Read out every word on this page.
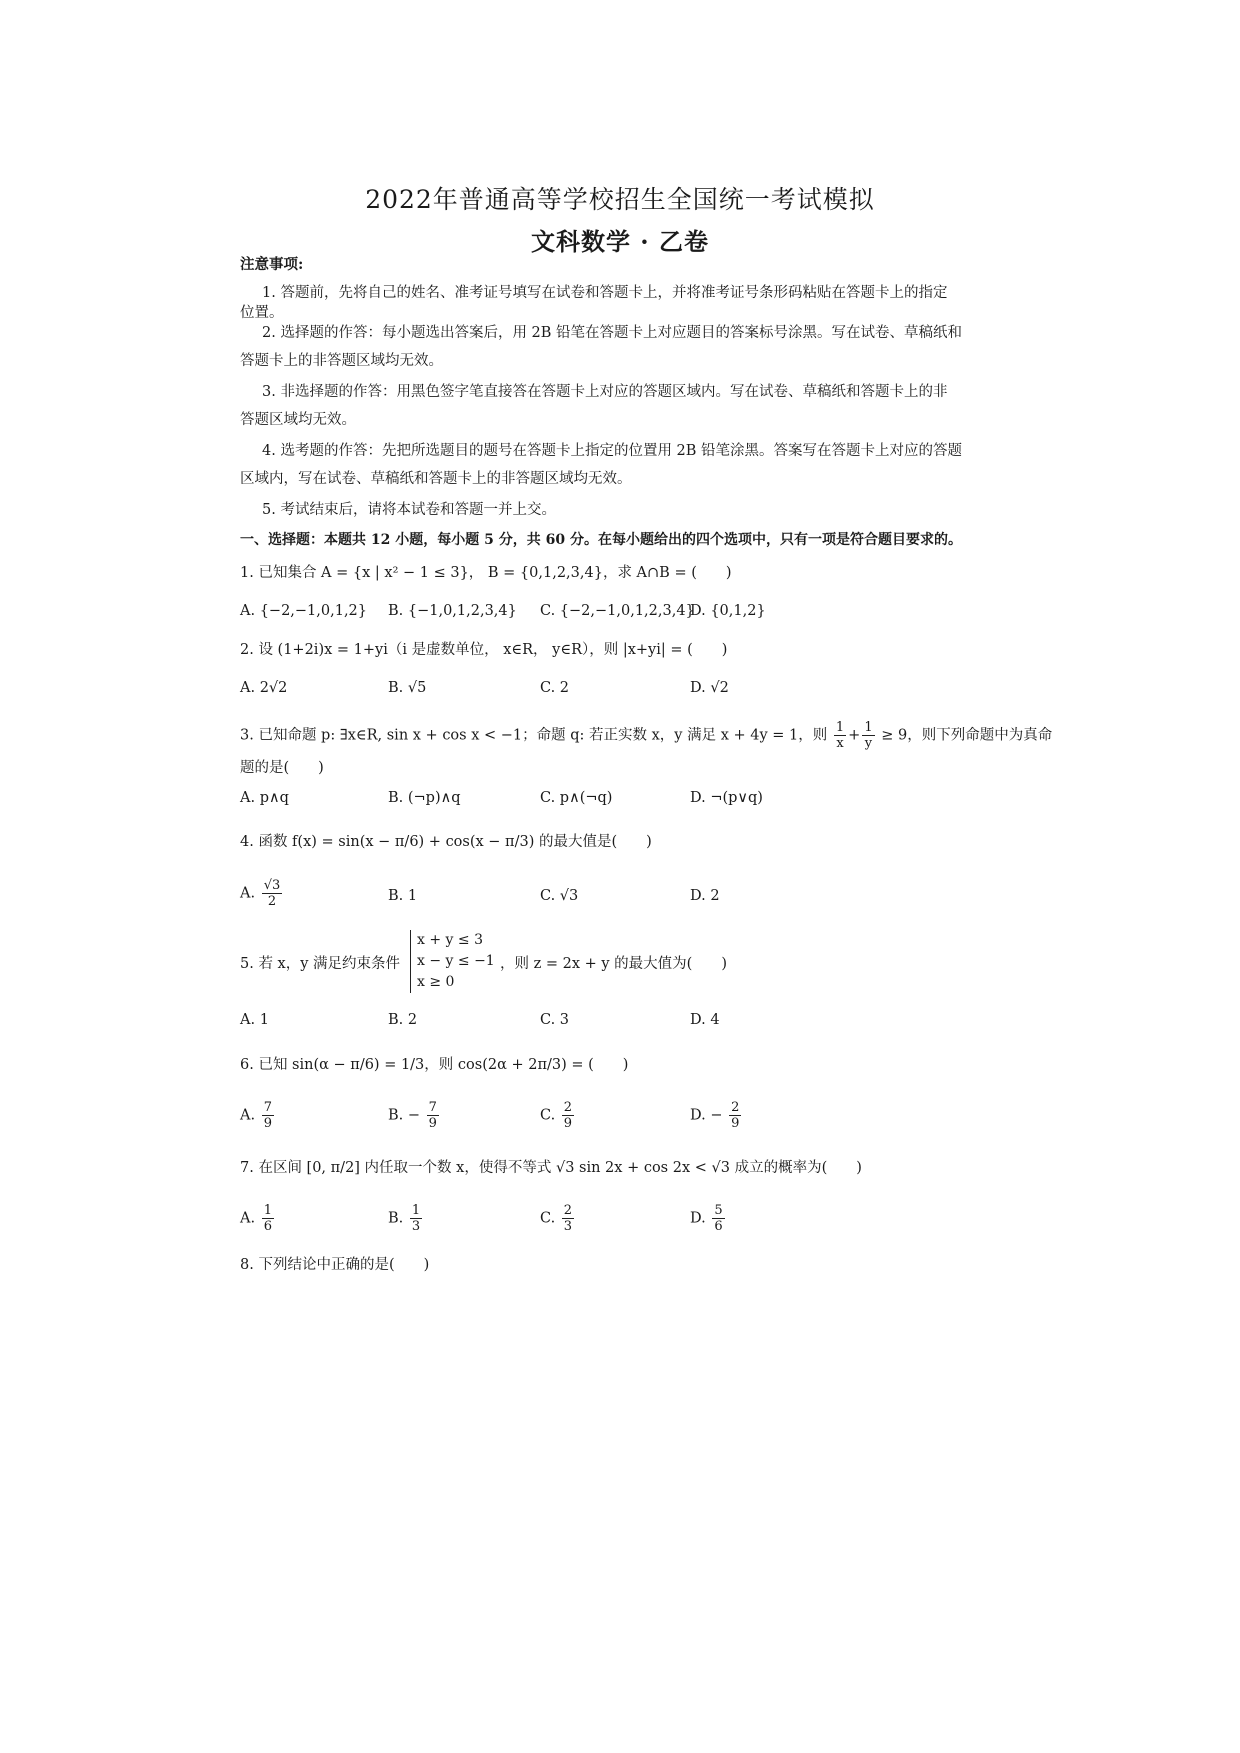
2022年普通高等学校招生全国统一考试模拟
文科数学 · 乙卷
注意事项:
1. 答题前，先将自己的姓名、准考证号填写在试卷和答题卡上，并将准考证号条形码粘贴在答题卡上的指定
位置。
2. 选择题的作答：每小题选出答案后，用 2B 铅笔在答题卡上对应题目的答案标号涂黑。写在试卷、草稿纸和
答题卡上的非答题区域均无效。
3. 非选择题的作答：用黑色签字笔直接答在答题卡上对应的答题区域内。写在试卷、草稿纸和答题卡上的非
答题区域均无效。
4. 选考题的作答：先把所选题目的题号在答题卡上指定的位置用 2B 铅笔涂黑。答案写在答题卡上对应的答题
区域内，写在试卷、草稿纸和答题卡上的非答题区域均无效。
5. 考试结束后，请将本试卷和答题一并上交。
一、选择题：本题共 12 小题，每小题 5 分，共 60 分。在每小题给出的四个选项中，只有一项是符合题目要求的。
1. 已知集合 A = {x | x² − 1 ≤ 3}， B = {0,1,2,3,4}，求 A∩B = (　　)
A. {−2,−1,0,1,2} B. {−1,0,1,2,3,4} C. {−2,−1,0,1,2,3,4}
D. {0,1,2}
2. 设 (1+2i)x = 1+yi（i 是虚数单位， x∈R， y∈R），则 |x+yi| = (　　)
A. 2√2	B. √5	C. 2	D. √2
3. 已知命题 p: ∃x∈R, sin x + cos x < −1；命题 q: 若正实数 x，y 满足 x + 4y = 1，则 $\frac{1}{x} + \frac{1}{y} \ge 9$，则下列命题中为真命
题的是(　　)
A. p∧q	B. (¬p)∧q	C. p∧(¬q)	D. ¬(p∨q)
4. 函数 f(x) = sin(x − π/6) + cos(x − π/3) 的最大值是(　　)
A. $\frac{√3}{2}$	B. 1	C. √3	D. 2
5. 若 x，y 满足约束条件
x + y ≤ 3
x − y ≤ −1
x ≥ 0
，则 z = 2x + y 的最大值为(　　)
A. 1	B. 2	C. 3	D. 4
6. 已知 sin(α − π/6) = 1/3，则 cos(2α + 2π/3) = (　　)
A. $\frac{7}{9}$	B. − $\frac{7}{9}$	C. $\frac{2}{9}$	D. − $\frac{2}{9}$
7. 在区间 [0, π/2] 内任取一个数 x，使得不等式 √3 sin 2x + cos 2x < √3 成立的概率为(　　)
A. $\frac{1}{6}$	B. $\frac{1}{3}$	C. $\frac{2}{3}$	D. $\frac{5}{6}$
8. 下列结论中正确的是(　　)
